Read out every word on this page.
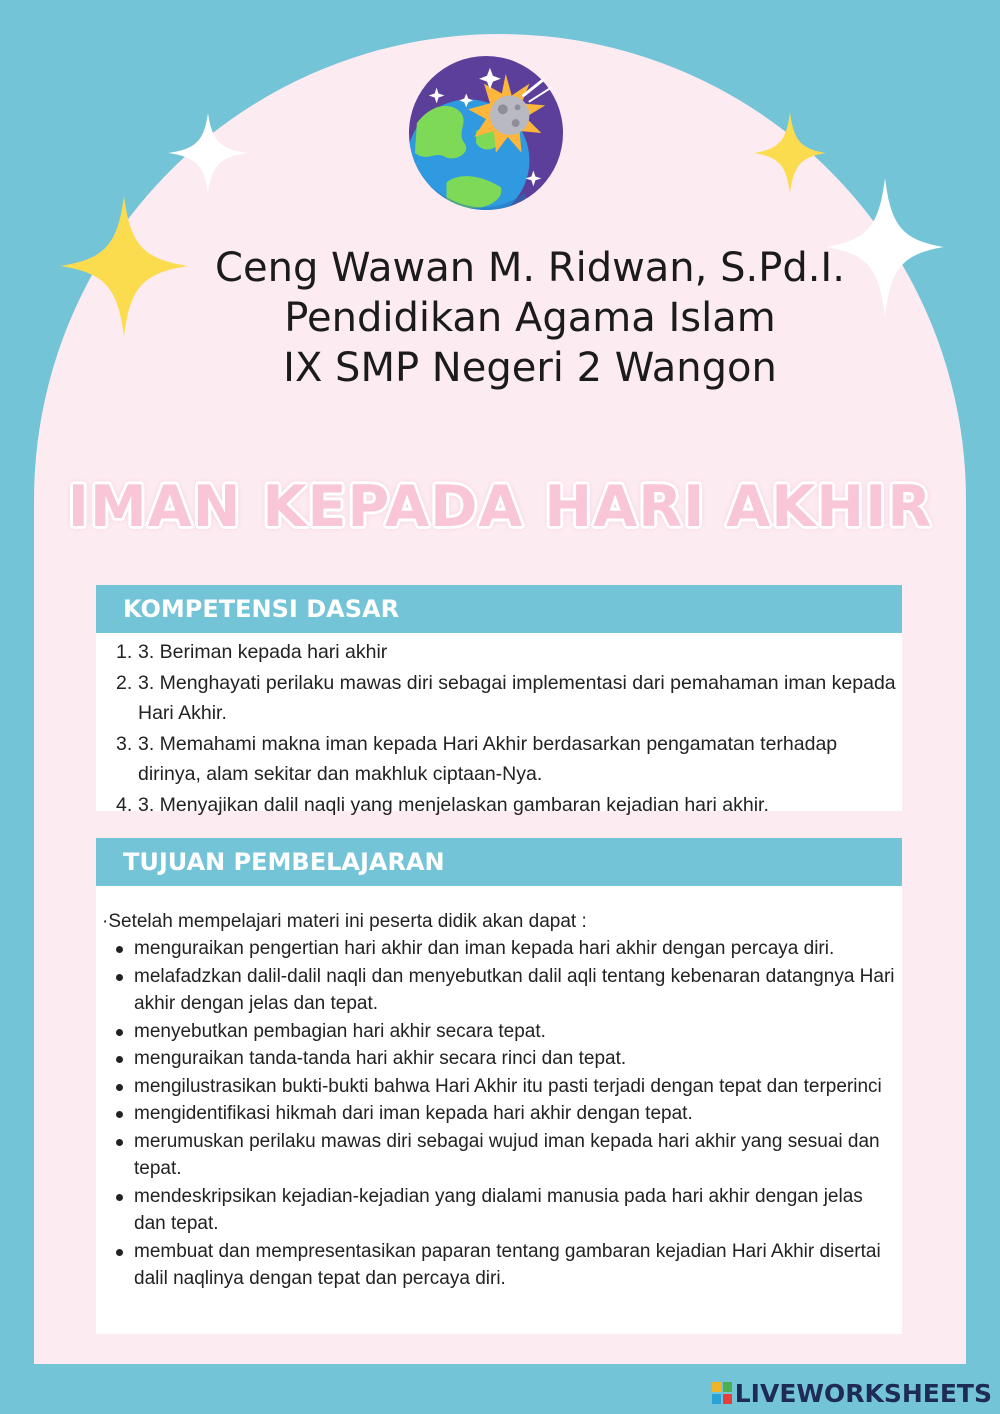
Ceng Wawan M. Ridwan, S.Pd.I.
Pendidikan Agama Islam
IX SMP Negeri 2 Wangon
IMAN KEPADA HARI AKHIR
KOMPETENSI DASAR
1. 3. Beriman kepada hari akhir
2. 3. Menghayati perilaku mawas diri sebagai implementasi dari pemahaman iman kepada Hari Akhir.
3. 3. Memahami makna iman kepada Hari Akhir berdasarkan pengamatan terhadap dirinya, alam sekitar dan makhluk ciptaan-Nya.
4. 3. Menyajikan dalil naqli yang menjelaskan gambaran kejadian hari akhir.
TUJUAN PEMBELAJARAN
·Setelah mempelajari materi ini peserta didik akan dapat :
menguraikan pengertian hari akhir dan iman kepada hari akhir dengan percaya diri.
melafadzkan dalil-dalil naqli dan menyebutkan dalil aqli tentang kebenaran datangnya Hari akhir dengan jelas dan tepat.
menyebutkan pembagian hari akhir secara tepat.
menguraikan tanda-tanda hari akhir secara rinci dan tepat.
mengilustrasikan bukti-bukti bahwa Hari Akhir itu pasti terjadi dengan tepat dan terperinci
mengidentifikasi hikmah dari iman kepada hari akhir dengan tepat.
merumuskan perilaku mawas diri sebagai wujud iman kepada hari akhir yang sesuai dan tepat.
mendeskripsikan kejadian-kejadian yang dialami manusia pada hari akhir dengan jelas dan tepat.
membuat dan mempresentasikan paparan tentang gambaran kejadian Hari Akhir disertai dalil naqlinya dengan tepat dan percaya diri.
LIVEWORKSHEETS
